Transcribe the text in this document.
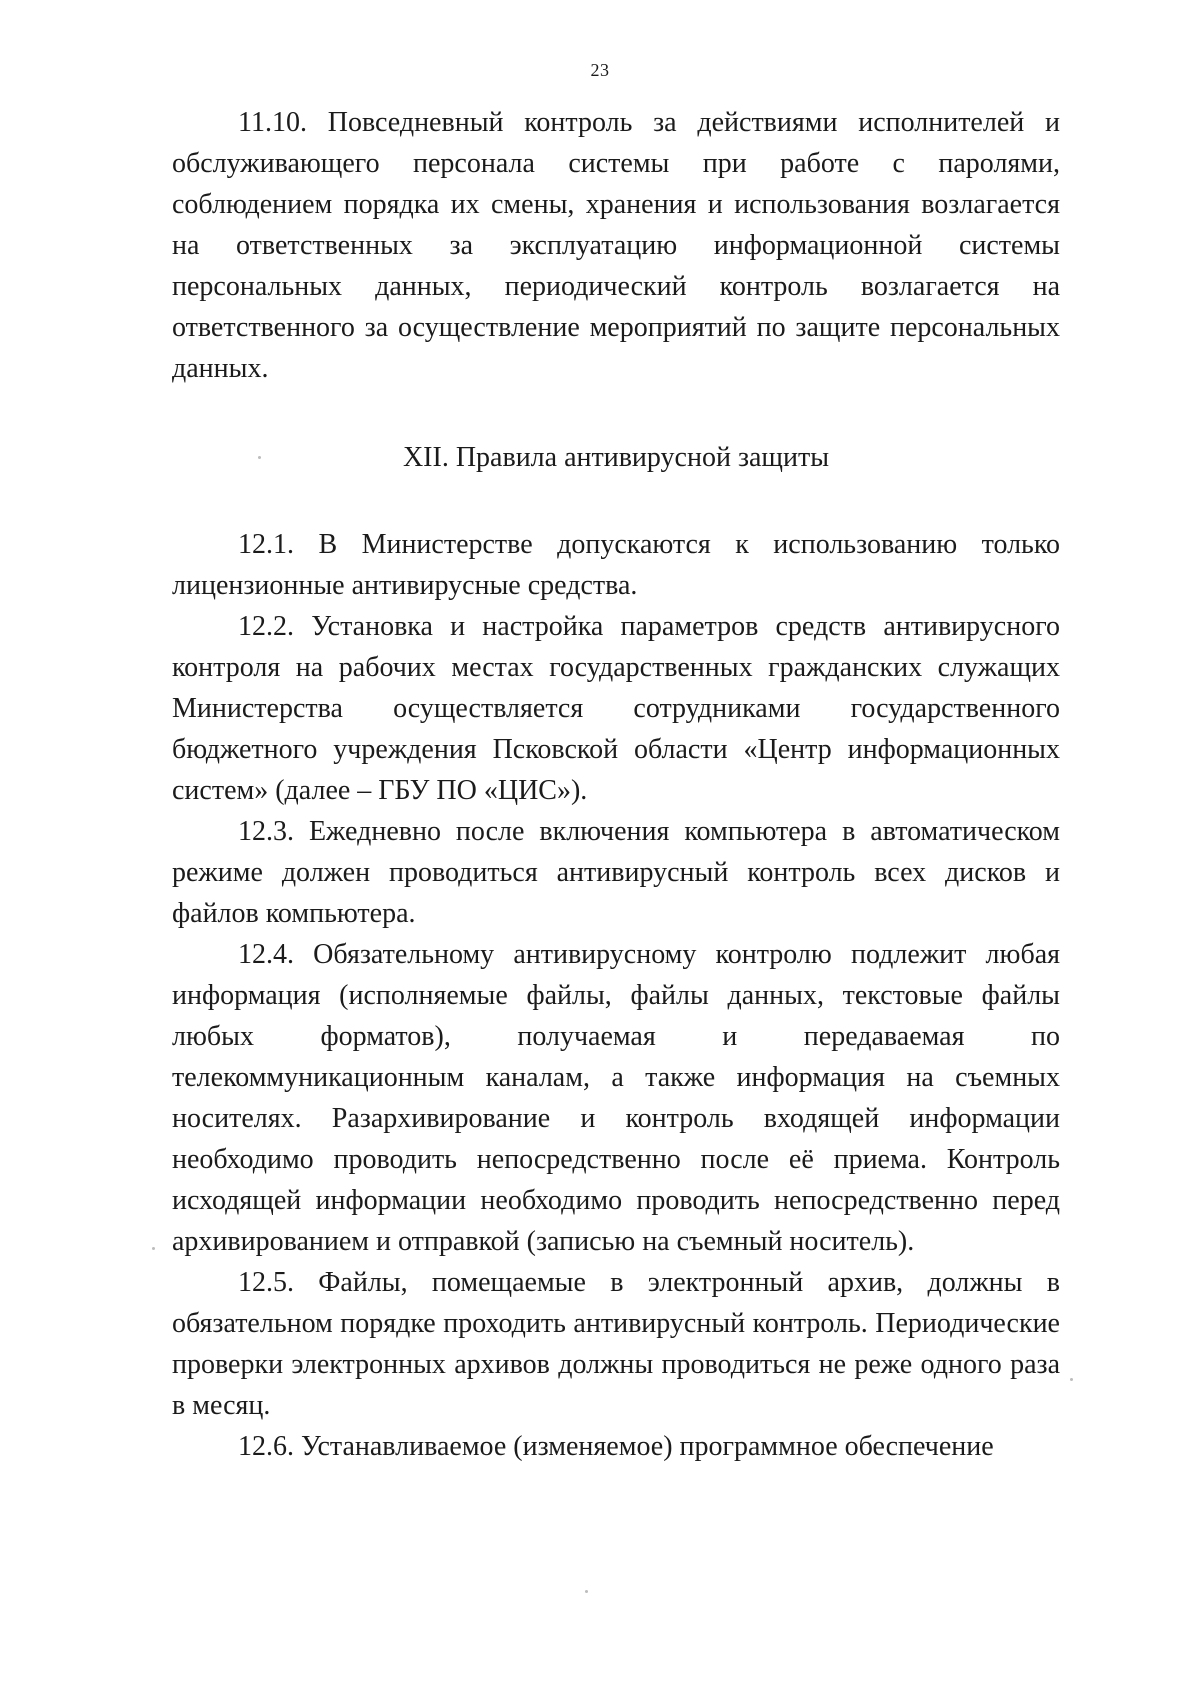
23

11.10. Повседневный контроль за действиями исполнителей и обслуживающего персонала системы при работе с паролями, соблюдением порядка их смены, хранения и использования возлагается на ответственных за эксплуатацию информационной системы персональных данных, периодический контроль возлагается на ответственного за осуществление мероприятий по защите персональных данных.

XII. Правила антивирусной защиты

12.1. В Министерстве допускаются к использованию только лицензионные антивирусные средства.

12.2. Установка и настройка параметров средств антивирусного контроля на рабочих местах государственных гражданских служащих Министерства осуществляется сотрудниками государственного бюджетного учреждения Псковской области «Центр информационных систем» (далее – ГБУ ПО «ЦИС»).

12.3. Ежедневно после включения компьютера в автоматическом режиме должен проводиться антивирусный контроль всех дисков и файлов компьютера.

12.4. Обязательному антивирусному контролю подлежит любая информация (исполняемые файлы, файлы данных, текстовые файлы любых форматов), получаемая и передаваемая по телекоммуникационным каналам, а также информация на съемных носителях. Разархивирование и контроль входящей информации необходимо проводить непосредственно после её приема. Контроль исходящей информации необходимо проводить непосредственно перед архивированием и отправкой (записью на съемный носитель).

12.5. Файлы, помещаемые в электронный архив, должны в обязательном порядке проходить антивирусный контроль. Периодические проверки электронных архивов должны проводиться не реже одного раза в месяц.

12.6. Устанавливаемое (изменяемое) программное обеспечение
